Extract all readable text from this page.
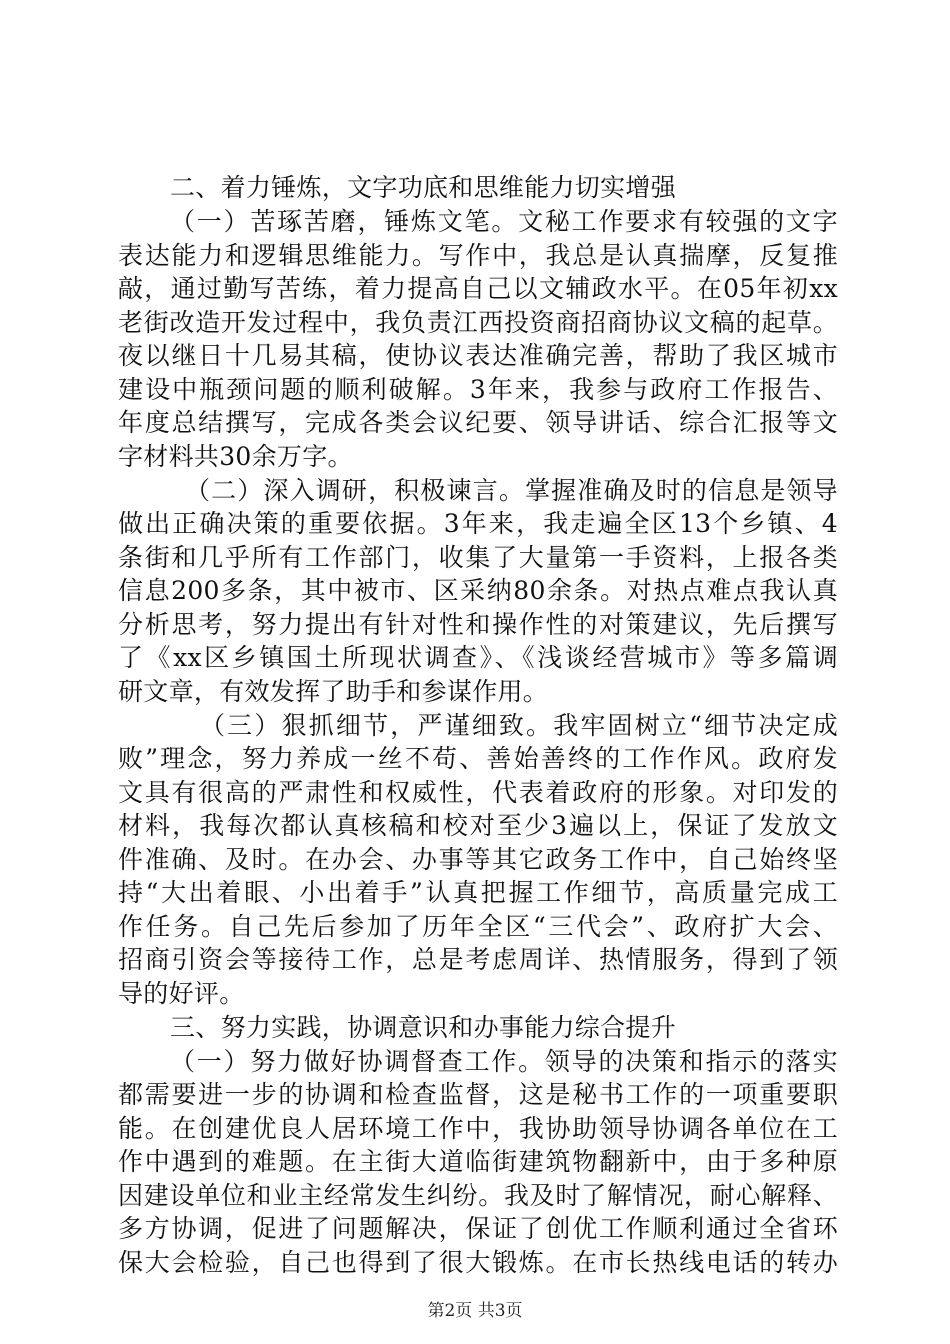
二、着力锤炼，文字功底和思维能力切实增强
（一）苦琢苦磨，锤炼文笔。文秘工作要求有较强的文字
表达能力和逻辑思维能力。写作中，我总是认真揣摩，反复推
敲，通过勤写苦练，着力提高自己以文辅政水平。在05年初xx
老街改造开发过程中，我负责江西投资商招商协议文稿的起草。
夜以继日十几易其稿，使协议表达准确完善，帮助了我区城市
建设中瓶颈问题的顺利破解。3年来，我参与政府工作报告、
年度总结撰写，完成各类会议纪要、领导讲话、综合汇报等文
字材料共30余万字。
（二）深入调研，积极谏言。掌握准确及时的信息是领导
做出正确决策的重要依据。3年来，我走遍全区13个乡镇、4
条街和几乎所有工作部门，收集了大量第一手资料，上报各类
信息200多条，其中被市、区采纳80余条。对热点难点我认真
分析思考，努力提出有针对性和操作性的对策建议，先后撰写
了《xx区乡镇国土所现状调查》、《浅谈经营城市》等多篇调
研文章，有效发挥了助手和参谋作用。
（三）狠抓细节，严谨细致。我牢固树立“细节决定成
败”理念，努力养成一丝不苟、善始善终的工作作风。政府发
文具有很高的严肃性和权威性，代表着政府的形象。对印发的
材料，我每次都认真核稿和校对至少3遍以上，保证了发放文
件准确、及时。在办会、办事等其它政务工作中，自己始终坚
持“大出着眼、小出着手”认真把握工作细节，高质量完成工
作任务。自己先后参加了历年全区“三代会”、政府扩大会、
招商引资会等接待工作，总是考虑周详、热情服务，得到了领
导的好评。
三、努力实践，协调意识和办事能力综合提升
（一）努力做好协调督查工作。领导的决策和指示的落实
都需要进一步的协调和检查监督，这是秘书工作的一项重要职
能。在创建优良人居环境工作中，我协助领导协调各单位在工
作中遇到的难题。在主街大道临街建筑物翻新中，由于多种原
因建设单位和业主经常发生纠纷。我及时了解情况，耐心解释、
多方协调，促进了问题解决，保证了创优工作顺利通过全省环
保大会检验，自己也得到了很大锻炼。在市长热线电话的转办
第2页 共3页
